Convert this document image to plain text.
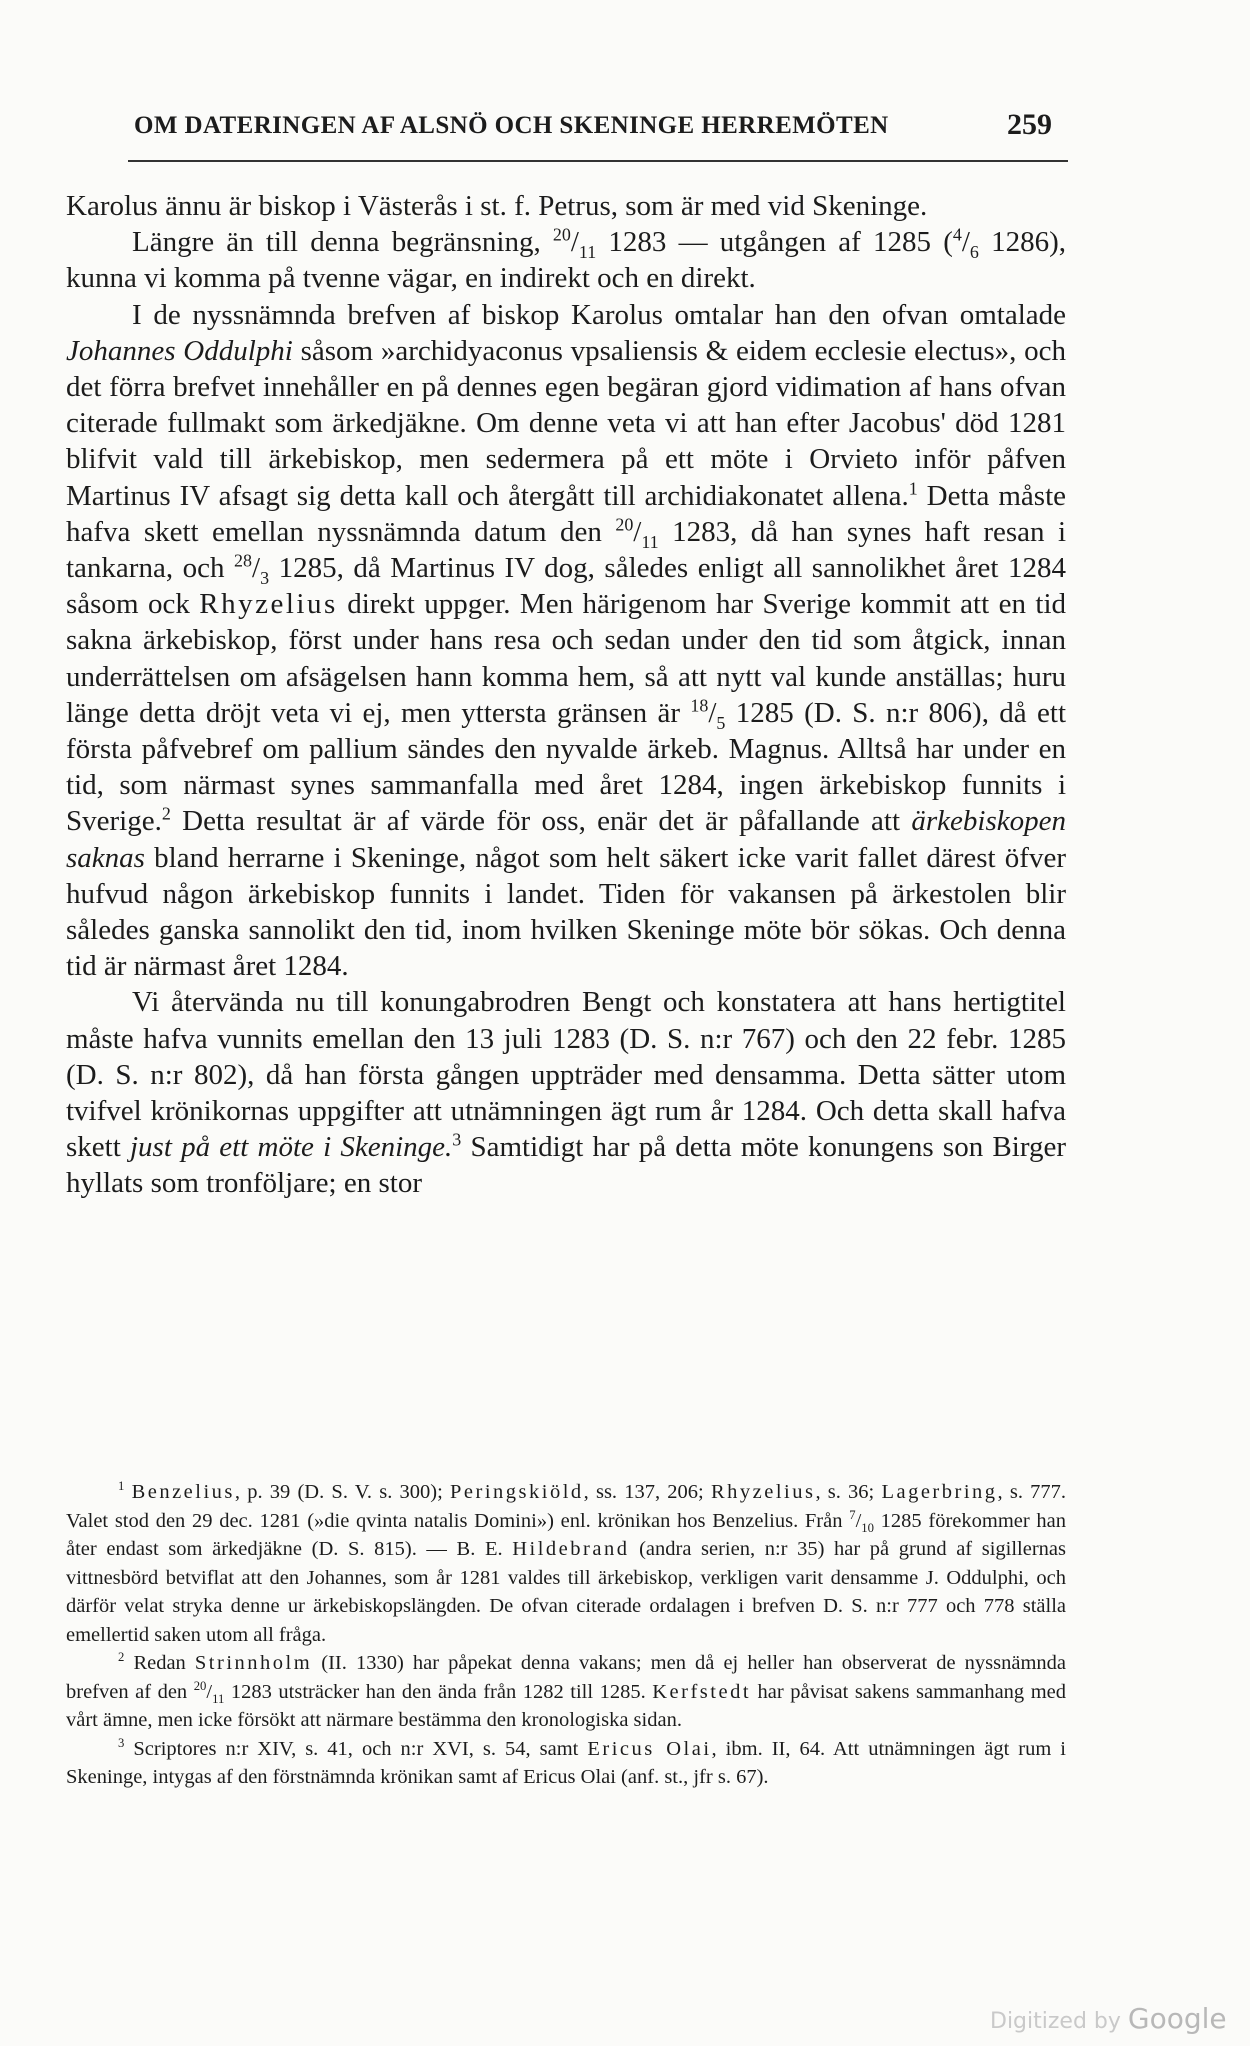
OM DATERINGEN AF ALSNÖ OCH SKENINGE HERREMÖTEN	259

Karolus ännu är biskop i Västerås i st. f. Petrus, som är med vid Skeninge.

Längre än till denna begränsning, $^{20}/_{11}$ 1283 — utgången af 1285 ($^4/_6$ 1286), kunna vi komma på tvenne vägar, en indirekt och en direkt.

I de nyssnämnda brefven af biskop Karolus omtalar han den ofvan omtalade Johannes Oddulphi såsom »archidyaconus vpsaliensis & eidem ecclesie electus», och det förra brefvet innehåller en på dennes egen begäran gjord vidimation af hans ofvan citerade fullmakt som ärkedjäkne. Om denne veta vi att han efter Jacobus' död 1281 blifvit vald till ärkebiskop, men sedermera på ett möte i Orvieto inför påfven Martinus IV afsagt sig detta kall och återgått till archidiakonatet allena.$^1$ Detta måste hafva skett emellan nyssnämnda datum den $^{20}/_{11}$ 1283, då han synes haft resan i tankarna, och $^{28}/_3$ 1285, då Martinus IV dog, således enligt all sannolikhet året 1284 såsom ock Rhyzelius direkt uppger. Men härigenom har Sverige kommit att en tid sakna ärkebiskop, först under hans resa och sedan under den tid som åtgick, innan underrättelsen om afsägelsen hann komma hem, så att nytt val kunde anställas; huru länge detta dröjt veta vi ej, men yttersta gränsen är $^{18}/_5$ 1285 (D. S. n:r 806), då ett första påfvebref om pallium sändes den nyvalde ärkeb. Magnus. Alltså har under en tid, som närmast synes sammanfalla med året 1284, ingen ärkebiskop funnits i Sverige.$^2$ Detta resultat är af värde för oss, enär det är påfallande att ärkebiskopen saknas bland herrarne i Skeninge, något som helt säkert icke varit fallet därest öfver hufvud någon ärkebiskop funnits i landet. Tiden för vakansen på ärkestolen blir således ganska sannolikt den tid, inom hvilken Skeninge möte bör sökas. Och denna tid är närmast året 1284.

Vi återvända nu till konungabrodren Bengt och konstatera att hans hertigtitel måste hafva vunnits emellan den 13 juli 1283 (D. S. n:r 767) och den 22 febr. 1285 (D. S. n:r 802), då han första gången uppträder med densamma. Detta sätter utom tvifvel krönikornas uppgifter att utnämningen ägt rum år 1284. Och detta skall hafva skett just på ett möte i Skeninge.$^3$ Samtidigt har på detta möte konungens son Birger hyllats som tronföljare; en stor

$^1$ Benzelius, p. 39 (D. S. V. s. 300); Peringskiöld, ss. 137, 206; Rhyzelius, s. 36; Lagerbring, s. 777. Valet stod den 29 dec. 1281 (»die qvinta natalis Domini») enl. krönikan hos Benzelius. Från $^7/_{10}$ 1285 förekommer han åter endast som ärkedjäkne (D. S. 815). — B. E. Hildebrand (andra serien, n:r 35) har på grund af sigillernas vittnesbörd betviflat att den Johannes, som år 1281 valdes till ärkebiskop, verkligen varit densamme J. Oddulphi, och därför velat stryka denne ur ärkebiskopslängden. De ofvan citerade ordalagen i brefven D. S. n:r 777 och 778 ställa emellertid saken utom all fråga.

$^2$ Redan Strinnholm (II. 1330) har påpekat denna vakans; men då ej heller han observerat de nyssnämnda brefven af den $^{20}/_{11}$ 1283 utsträcker han den ända från 1282 till 1285. Kerfstedt har påvisat sakens sammanhang med vårt ämne, men icke försökt att närmare bestämma den kronologiska sidan.

$^3$ Scriptores n:r XIV, s. 41, och n:r XVI, s. 54, samt Ericus Olai, ibm. II, 64. Att utnämningen ägt rum i Skeninge, intygas af den förstnämnda krönikan samt af Ericus Olai (anf. st., jfr s. 67).

Digitized by Google
